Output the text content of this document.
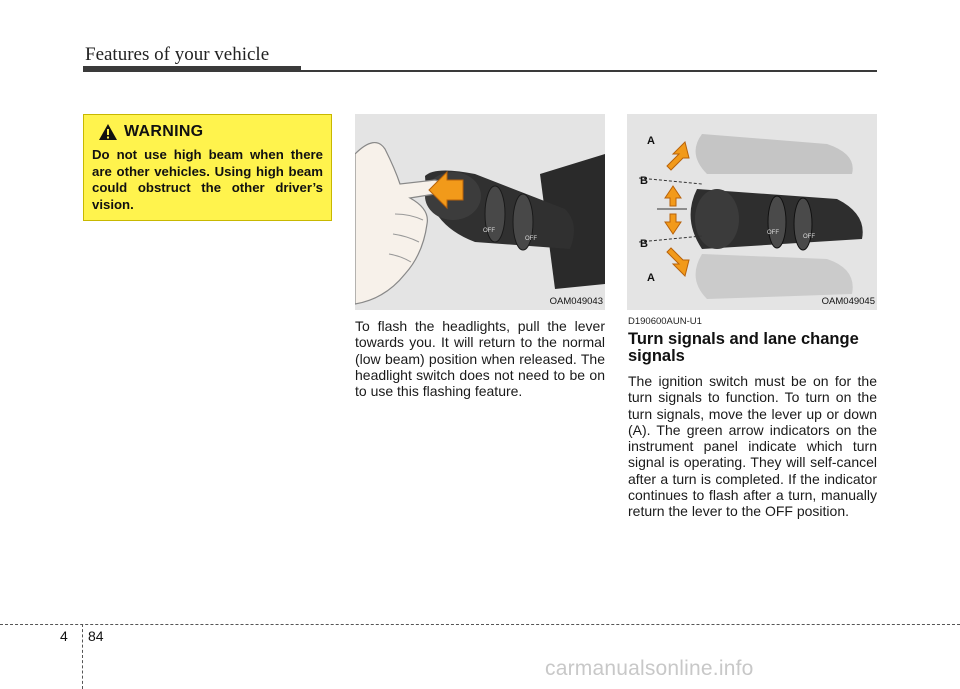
Features of your vehicle
WARNING
Do not use high beam when there are other vehicles. Using high beam could obstruct the other driver’s vision.
OFF
OFF
OAM049043
OFF
OFF
A
B
B
A
OAM049045
To flash the headlights, pull the lever towards you. It will return to the normal (low beam) position when released. The headlight switch does not need to be on to use this flashing feature.
D190600AUN-U1
Turn signals and lane change signals
The ignition switch must be on for the turn signals to function. To turn on the turn signals, move the lever up or down (A). The green arrow indicators on the instrument panel indicate which turn signal is operating. They will self-cancel after a turn is completed. If the indicator continues to flash after a turn, manually return the lever to the OFF position.
4 84
carmanualsonline.info
